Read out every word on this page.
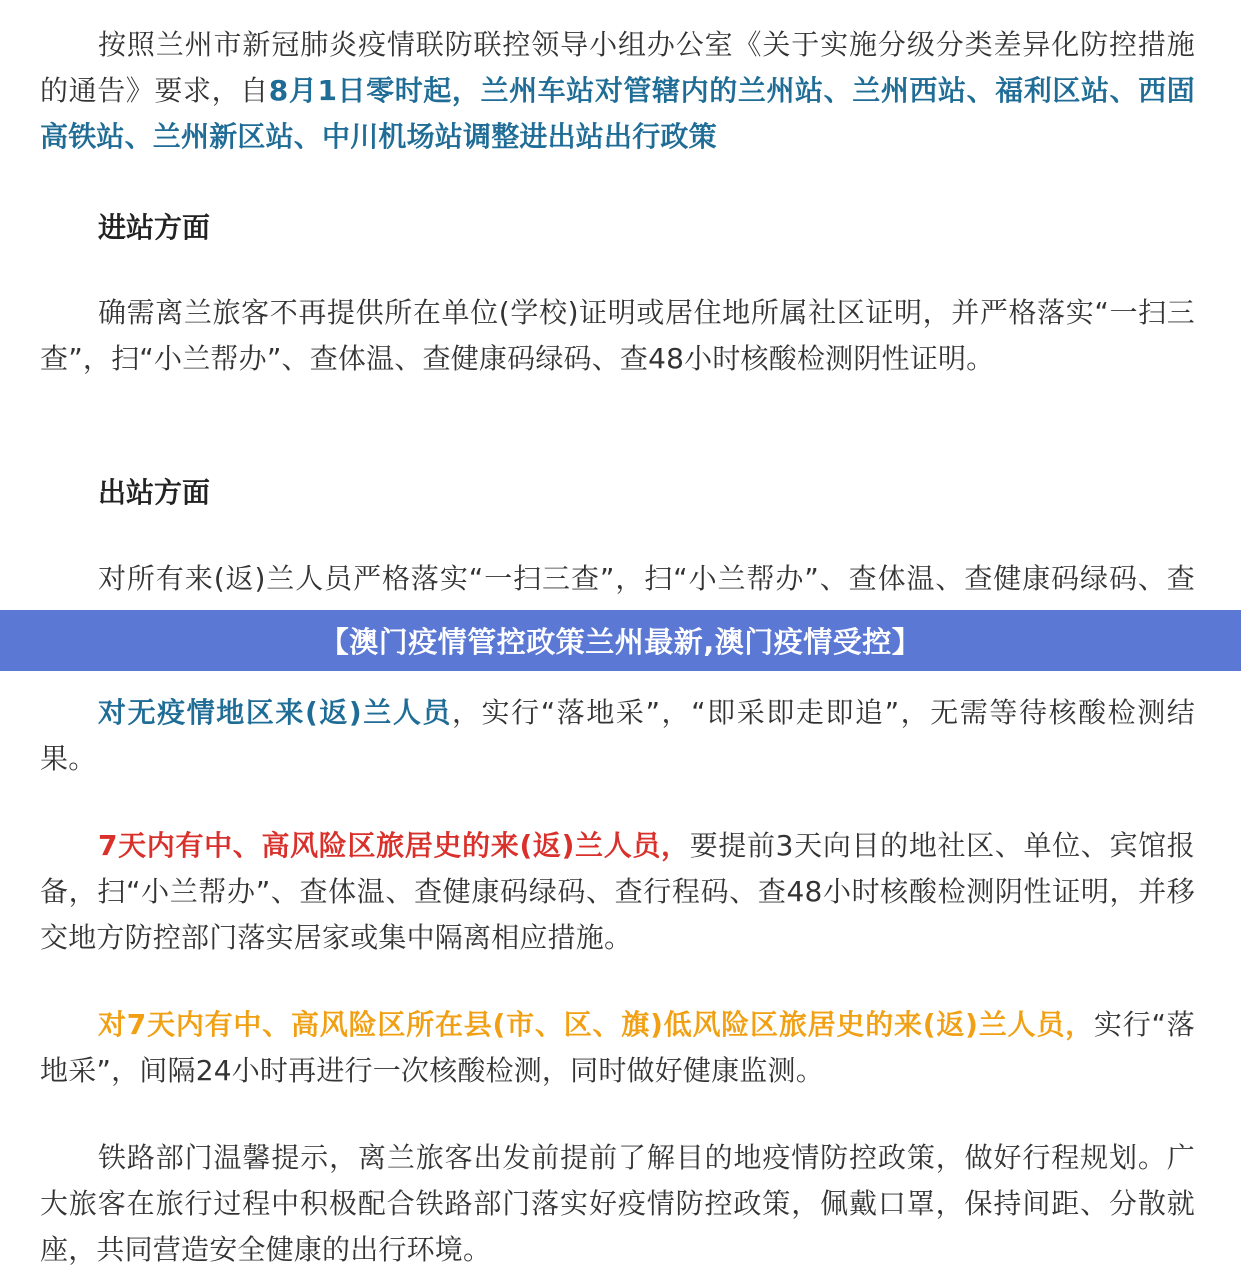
按照兰州市新冠肺炎疫情联防联控领导小组办公室《关于实施分级分类差异化防控措施的通告》要求，自8月1日零时起，兰州车站对管辖内的兰州站、兰州西站、福利区站、西固高铁站、兰州新区站、中川机场站调整进出站出行政策

进站方面

确需离兰旅客不再提供所在单位(学校)证明或居住地所属社区证明，并严格落实“一扫三查”，扫“小兰帮办”、查体温、查健康码绿码、查48小时核酸检测阴性证明。

出站方面

对所有来(返)兰人员严格落实“一扫三查”，扫“小兰帮办”、查体温、查健康码绿码、查

对无疫情地区来(返)兰人员，实行“落地采”，“即采即走即追”，无需等待核酸检测结果。

7天内有中、高风险区旅居史的来(返)兰人员，要提前3天向目的地社区、单位、宾馆报备，扫“小兰帮办”、查体温、查健康码绿码、查行程码、查48小时核酸检测阴性证明，并移交地方防控部门落实居家或集中隔离相应措施。

对7天内有中、高风险区所在县(市、区、旗)低风险区旅居史的来(返)兰人员，实行“落地采”，间隔24小时再进行一次核酸检测，同时做好健康监测。

铁路部门温馨提示，离兰旅客出发前提前了解目的地疫情防控政策，做好行程规划。广大旅客在旅行过程中积极配合铁路部门落实好疫情防控政策，佩戴口罩，保持间距、分散就座，共同营造安全健康的出行环境。

【澳门疫情管控政策兰州最新,澳门疫情受控】
